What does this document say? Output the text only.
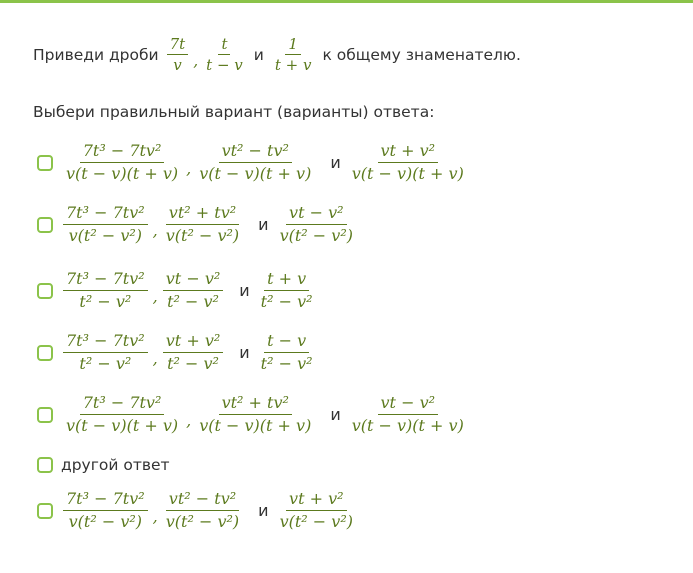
Приведи дроби $\frac{7t}{v}$ , $\frac{t}{t - v}$ и $\frac{1}{t + v}$ к общему знаменателю.
Выбери правильный вариант (варианты) ответа:
$\frac{\text{7t³ − 7tv²}}{v(t - v)(t + v)}$ , $\frac{\text{vt² − tv²}}{v(t - v)(t + v)}$ и $\frac{\text{vt + v²}}{v(t - v)(t + v)}$
$\frac{\text{7t³ − 7tv²}}{\text{v(t² − v²)}}$ , $\frac{\text{vt² + tv²}}{\text{v(t² − v²)}}$ и $\frac{\text{vt − v²}}{\text{v(t² − v²)}}$
$\frac{\text{7t³ − 7tv²}}{\text{t² − v²}}$ , $\frac{\text{vt − v²}}{\text{t² − v²}}$ и $\frac{t + v}{\text{t² − v²}}$
$\frac{\text{7t³ − 7tv²}}{\text{t² − v²}}$ , $\frac{\text{vt + v²}}{\text{t² − v²}}$ и $\frac{t - v}{\text{t² − v²}}$
$\frac{\text{7t³ − 7tv²}}{v(t - v)(t + v)}$ , $\frac{\text{vt² + tv²}}{v(t - v)(t + v)}$ и $\frac{\text{vt − v²}}{v(t - v)(t + v)}$
другой ответ
$\frac{\text{7t³ − 7tv²}}{\text{v(t² − v²)}}$ , $\frac{\text{vt² − tv²}}{\text{v(t² − v²)}}$ и $\frac{\text{vt + v²}}{\text{v(t² − v²)}}$
